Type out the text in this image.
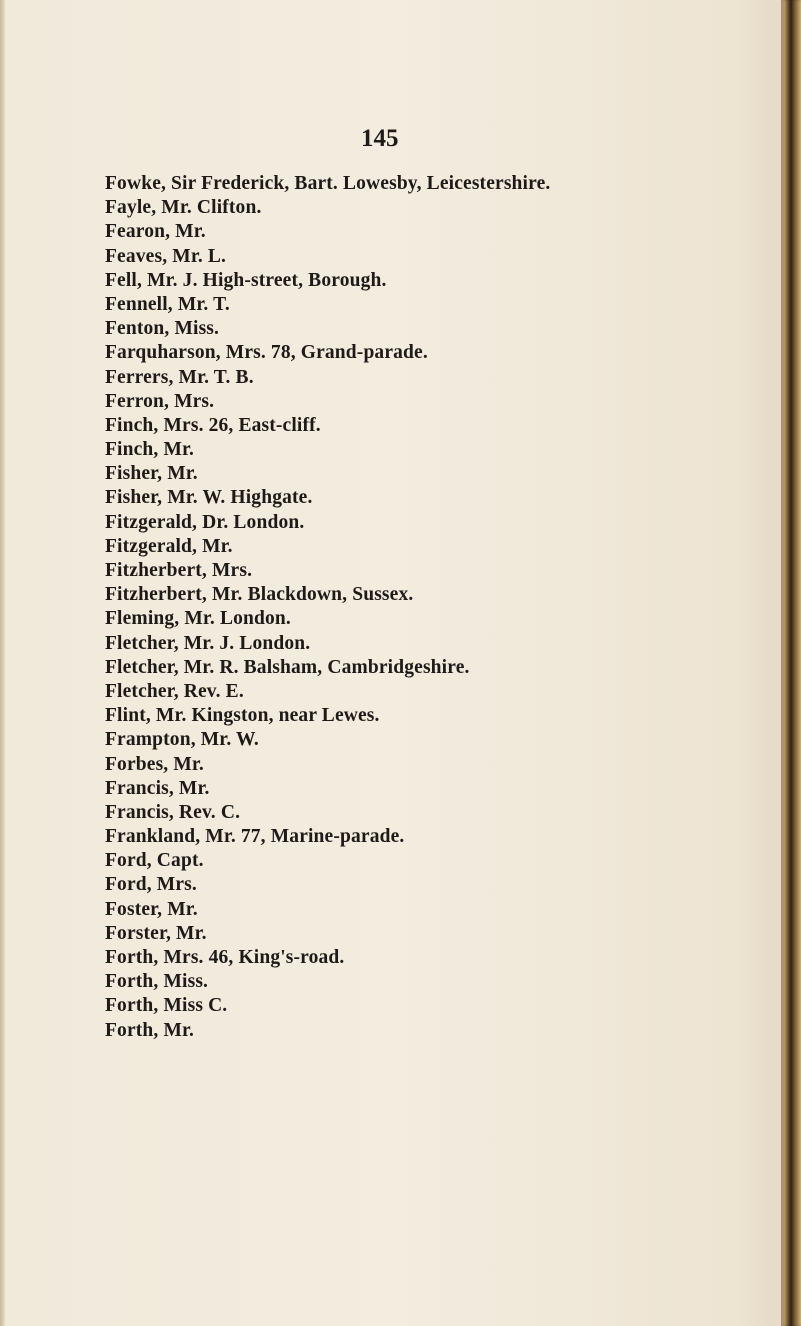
145
Fowke, Sir Frederick, Bart. Lowesby, Leicestershire.
Fayle, Mr. Clifton.
Fearon, Mr.
Feaves, Mr. L.
Fell, Mr. J. High-street, Borough.
Fennell, Mr. T.
Fenton, Miss.
Farquharson, Mrs. 78, Grand-parade.
Ferrers, Mr. T. B.
Ferron, Mrs.
Finch, Mrs. 26, East-cliff.
Finch, Mr.
Fisher, Mr.
Fisher, Mr. W. Highgate.
Fitzgerald, Dr. London.
Fitzgerald, Mr.
Fitzherbert, Mrs.
Fitzherbert, Mr. Blackdown, Sussex.
Fleming, Mr. London.
Fletcher, Mr. J. London.
Fletcher, Mr. R. Balsham, Cambridgeshire.
Fletcher, Rev. E.
Flint, Mr. Kingston, near Lewes.
Frampton, Mr. W.
Forbes, Mr.
Francis, Mr.
Francis, Rev. C.
Frankland, Mr. 77, Marine-parade.
Ford, Capt.
Ford, Mrs.
Foster, Mr.
Forster, Mr.
Forth, Mrs. 46, King's-road.
Forth, Miss.
Forth, Miss C.
Forth, Mr.
